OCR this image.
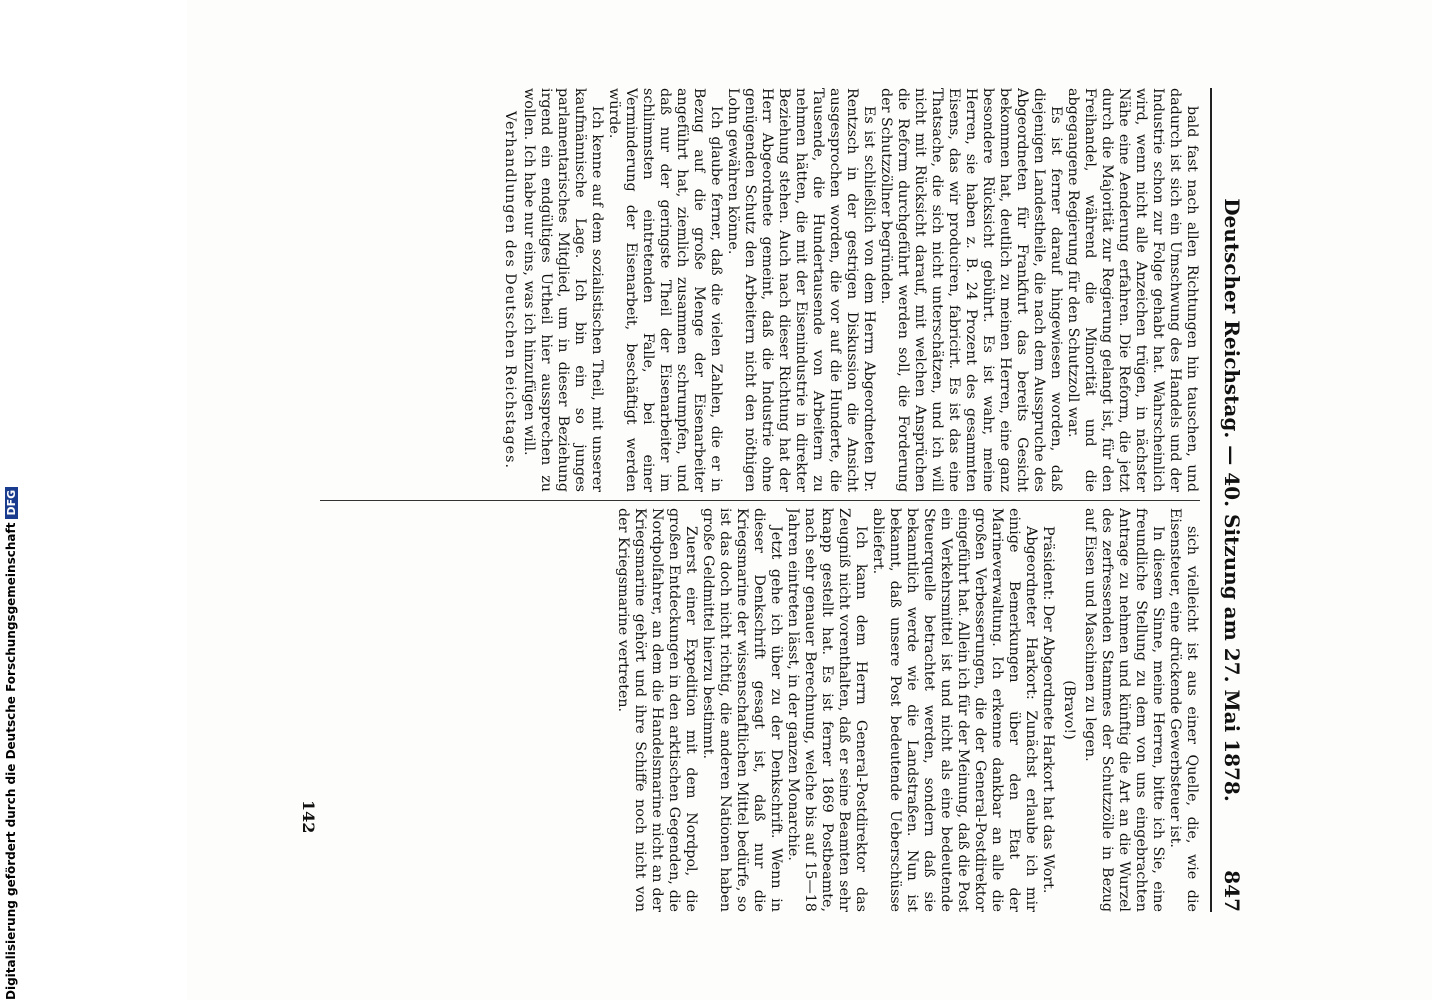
Deutscher Reichstag. — 40. Sitzung am 27. Mai 1878.
847

bald fast nach allen Richtungen hin tauschen, und dadurch ist sich ein Umschwung des Handels und der Industrie schon zur Folge gehabt hat. Wahrscheinlich wird, wenn nicht alle Anzeichen trügen, in nächster Nähe eine Aenderung erfahren. Die Reform, die jetzt durch die Majorität zur Regierung gelangt ist, für den Freihandel, während die Minorität und die abgegangene Regierung für den Schutzzoll war.

Es ist ferner darauf hingewiesen worden, daß diejenigen Landestheile, die nach dem Ausspruche des Abgeordneten für Frankfurt das bereits Gesicht bekommen hat, deutlich zu meinen Herren, eine ganz besondere Rücksicht gebührt. Es ist wahr, meine Herren, sie haben z. B. 24 Prozent des gesammten Eisens, das wir produciren, fabricirt. Es ist das eine Thatsache, die sich nicht unterschätzen, und ich will nicht mit Rücksicht darauf, mit welchen Ansprüchen die Reform durchgeführt werden soll, die Forderung der Schutzzöllner begründen.

Es ist schließlich von dem Herrn Abgeordneten Dr. Rentzsch in der gestrigen Diskussion die Ansicht ausgesprochen worden, die vor auf die Hunderte, die Tausende, die Hundertausende von Arbeitern zu nehmen hätten, die mit der Eisenindustrie in direkter Beziehung stehen. Auch nach dieser Richtung hat der Herr Abgeordnete gemeint, daß die Industrie ohne genügenden Schutz den Arbeitern nicht den nöthigen Lohn gewähren könne.

Ich glaube ferner, daß die vielen Zahlen, die er in Bezug auf die große Menge der Eisenarbeiter angeführt hat, ziemlich zusammen schrumpfen, und daß nur der geringste Theil der Eisenarbeiter im schlimmsten eintretenden Falle, bei einer Verminderung der Eisenarbeit, beschäftigt werden würde.

Ich kenne auf dem sozialistischen Theil, mit unserer kaufmännische Lage. Ich bin ein so junges parlamentarisches Mitglied, um in dieser Beziehung irgend ein endgültiges Urtheil hier aussprechen zu wollen. Ich habe nur eins, was ich hinzufügen will.

Verhandlungen des Deutschen Reichstages.

sich vielleicht ist aus einer Quelle, die, wie die Eisensteuer, eine drückende Gewerbsteuer ist.

In diesem Sinne, meine Herren, bitte ich Sie, eine freundliche Stellung zu dem von uns eingebrachten Antrage zu nehmen und künftig die Art an die Wurzel des zerfressenden Stammes der Schutzzölle in Bezug auf Eisen und Maschinen zu legen.

(Bravo!)

Präsident: Der Abgeordnete Harkort hat das Wort.

Abgeordneter Harkort: Zunächst erlaube ich mir einige Bemerkungen über den Etat der Marineverwaltung. Ich erkenne dankbar an alle die großen Verbesserungen, die der General-Postdirektor eingeführt hat. Allein ich für der Meinung, daß die Post ein Verkehrsmittel ist und nicht als eine bedeutende Steuerquelle betrachtet werden, sondern daß sie bekanntlich werde wie die Landstraßen. Nun ist bekannt, daß unsere Post bedeutende Ueberschüsse abliefert.

Ich kann dem Herrn General-Postdirektor das Zeugniß nicht vorenthalten, daß er seine Beamten sehr knapp gestellt hat. Es ist ferner 1869 Postbeamte, nach sehr genauer Berechnung, welche bis auf 15—18 Jahren eintreten lässt, in der ganzen Monarchie.

Jetzt gehe ich über zu der Denkschrift. Wenn in dieser Denkschrift gesagt ist, daß nur die Kriegsmarine der wissenschaftlichen Mittel bedürfe, so ist das doch nicht richtig, die anderen Nationen haben große Geldmittel hierzu bestimmt.

Zuerst einer Expedition mit dem Nordpol, die großen Entdeckungen in den arktischen Gegenden, die Nordpolfahrer, an dem die Handelsmarine nicht an der Kriegsmarine gehört und ihre Schiffe noch nicht von der Kriegsmarine vertreten.

142
Digitalisierung gefördert durch die Deutsche ForschungsgemeinschaftDFG
